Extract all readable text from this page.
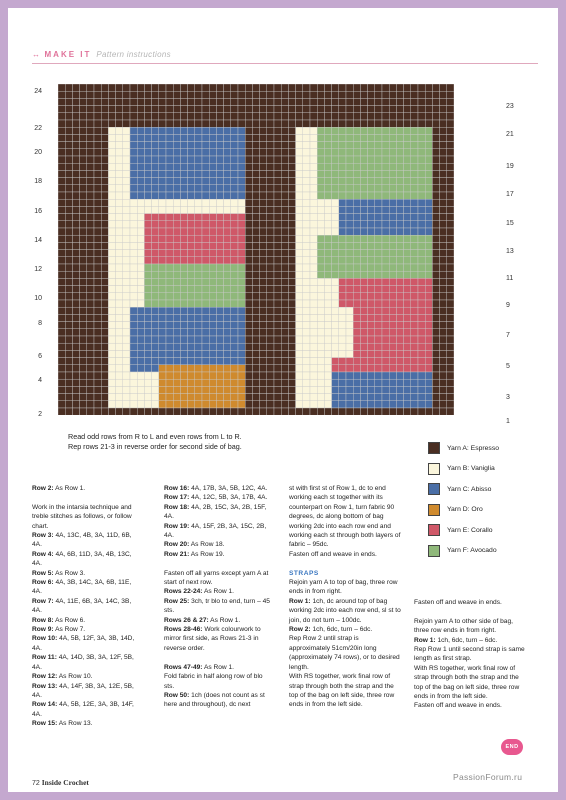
↔ MAKE IT Pattern instructions
24
22
20
18
16
14
12
10
8
6
4
2
23
21
19
17
15
13
11
9
7
5
3
1
Read odd rows from R to L and even rows from L to R.
Rep rows 21-3 in reverse order for second side of bag.	Yarn A: Espresso
Yarn B: Vaniglia
Yarn C: Abisso
Yarn D: Oro
Yarn E: Corallo
Yarn F: Avocado

Row 2: As Row 1.

Work in the intarsia technique and treble stitches as follows, or follow chart.

Row 3: 4A, 13C, 4B, 3A, 11D, 6B, 4A.

Row 4: 4A, 6B, 11D, 3A, 4B, 13C, 4A.

Row 5: As Row 3.

Row 6: 4A, 3B, 14C, 3A, 6B, 11E, 4A.

Row 7: 4A, 11E, 6B, 3A, 14C, 3B, 4A.

Row 8: As Row 6.

Row 9: As Row 7.

Row 10: 4A, 5B, 12F, 3A, 3B, 14D, 4A.

Row 11: 4A, 14D, 3B, 3A, 12F, 5B, 4A.

Row 12: As Row 10.

Row 13: 4A, 14F, 3B, 3A, 12E, 5B, 4A.

Row 14: 4A, 5B, 12E, 3A, 3B, 14F, 4A.

Row 15: As Row 13.

Row 16: 4A, 17B, 3A, 5B, 12C, 4A.

Row 17: 4A, 12C, 5B, 3A, 17B, 4A.

Row 18: 4A, 2B, 15C, 3A, 2B, 15F, 4A.

Row 19: 4A, 15F, 2B, 3A, 15C, 2B, 4A.

Row 20: As Row 18.

Row 21: As Row 19.

Fasten off all yarns except yarn A at start of next row.

Rows 22-24: As Row 1.

Row 25: 3ch, tr blo to end, turn – 45 sts.

Rows 26 & 27: As Row 1.

Rows 28-46: Work colourwork to mirror first side, as Rows 21-3 in reverse order.

Rows 47-49: As Row 1.

Fold fabric in half along row of blo sts.

Row 50: 1ch (does not count as st here and throughout), dc next

st with first st of Row 1, dc to end working each st together with its counterpart on Row 1, turn fabric 90 degrees, dc along bottom of bag working 2dc into each row end and working each st through both layers of fabric – 95dc.

Fasten off and weave in ends.

STRAPS

Rejoin yarn A to top of bag, three row ends in from right.

Row 1: 1ch, dc around top of bag working 2dc into each row end, sl st to join, do not turn – 100dc.

Row 2: 1ch, 6dc, turn – 6dc.

Rep Row 2 until strap is approximately 51cm/20in long (approximately 74 rows), or to desired length.

With RS together, work final row of strap through both the strap and the top of the bag on left side, three row ends in from the left side.

Fasten off and weave in ends.

Rejoin yarn A to other side of bag, three row ends in from right.

Row 1: 1ch, 6dc, turn – 6dc.

Rep Row 1 until second strap is same length as first strap.

With RS together, work final row of strap through both the strap and the top of the bag on left side, three row ends in from the left side.

Fasten off and weave in ends.

END
72 Inside Crochet
PassionForum.ru
